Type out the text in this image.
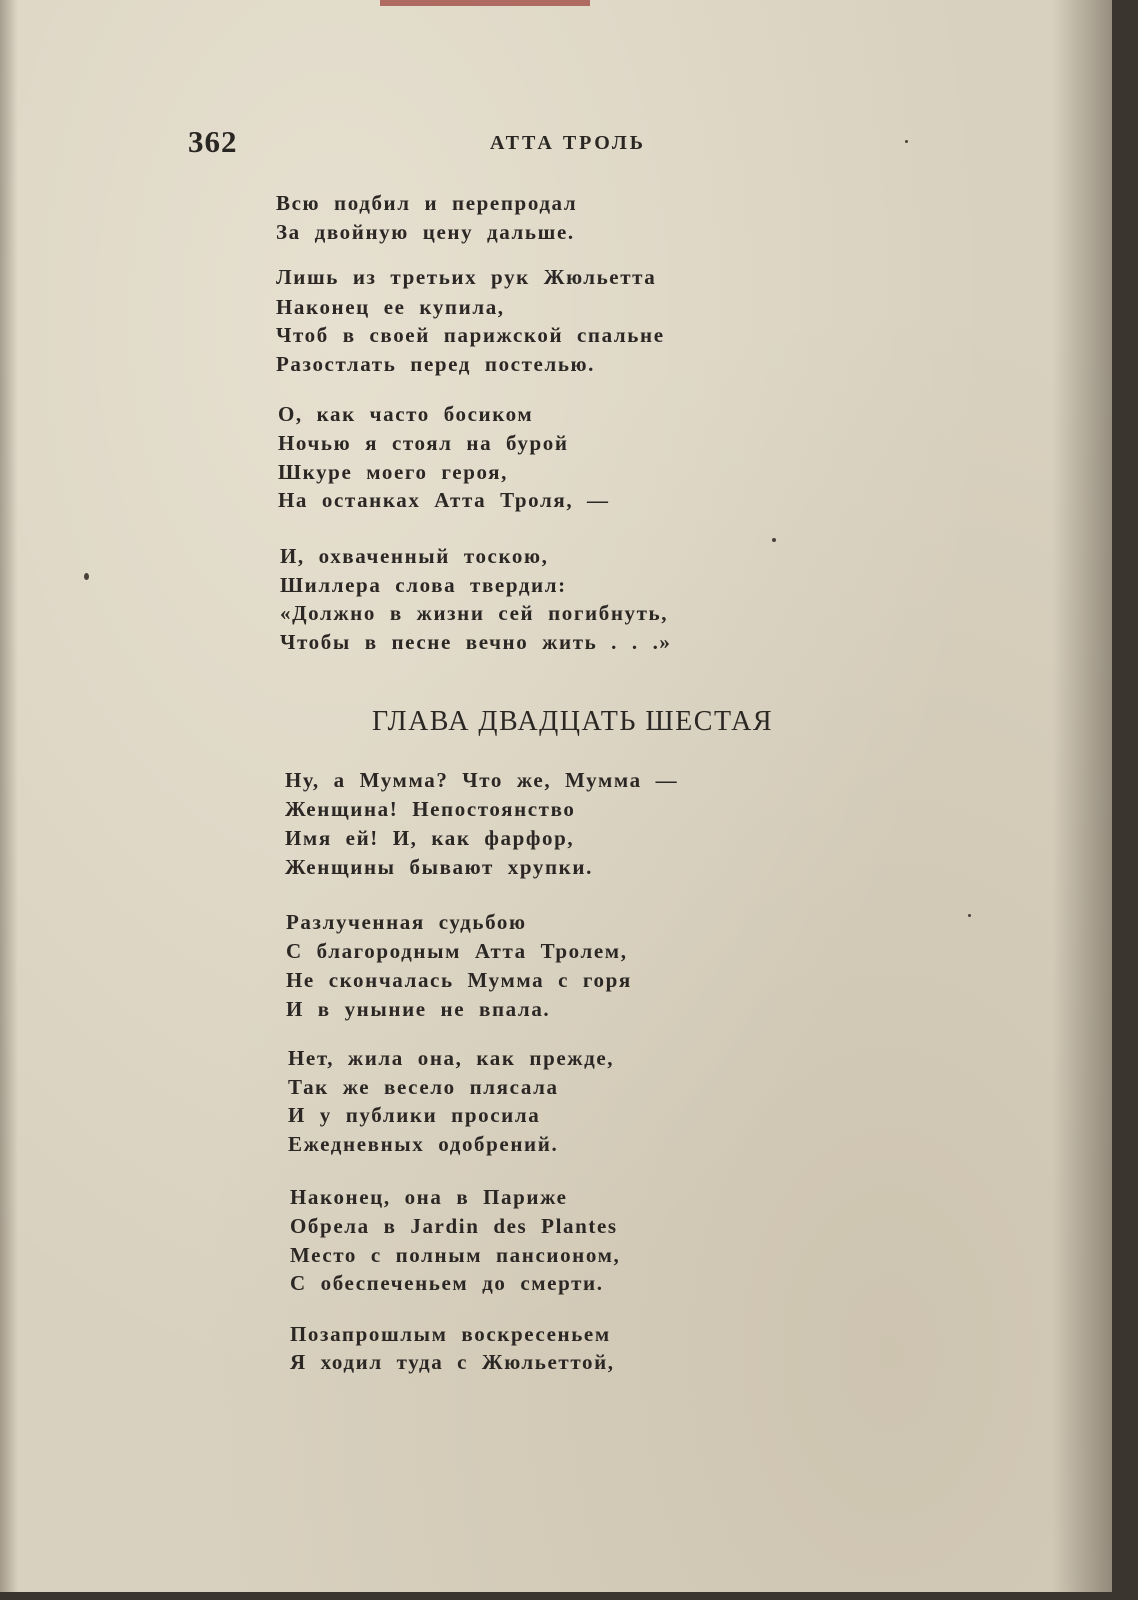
362	АТТА ТРОЛЬ
Всю подбил и перепродал
За двойную цену дальше.
Лишь из третьих рук Жюльетта
Наконец ее купила,
Чтоб в своей парижской спальне
Разостлать перед постелью.
О, как часто босиком
Ночью я стоял на бурой
Шкуре моего героя,
На останках Атта Троля, —
И, охваченный тоскою,
Шиллера слова твердил:
«Должно в жизни сей погибнуть,
Чтобы в песне вечно жить . . .»
ГЛАВА ДВАДЦАТЬ ШЕСТАЯ
Ну, а Мумма? Что же, Мумма —
Женщина! Непостоянство
Имя ей! И, как фарфор,
Женщины бывают хрупки.
Разлученная судьбою
С благородным Атта Тролем,
Не скончалась Мумма с горя
И в уныние не впала.
Нет, жила она, как прежде,
Так же весело плясала
И у публики просила
Ежедневных одобрений.
Наконец, она в Париже
Обрела в Jardin des Plantes
Место с полным пансионом,
С обеспеченьем до смерти.
Позапрошлым воскресеньем
Я ходил туда с Жюльеттой,
